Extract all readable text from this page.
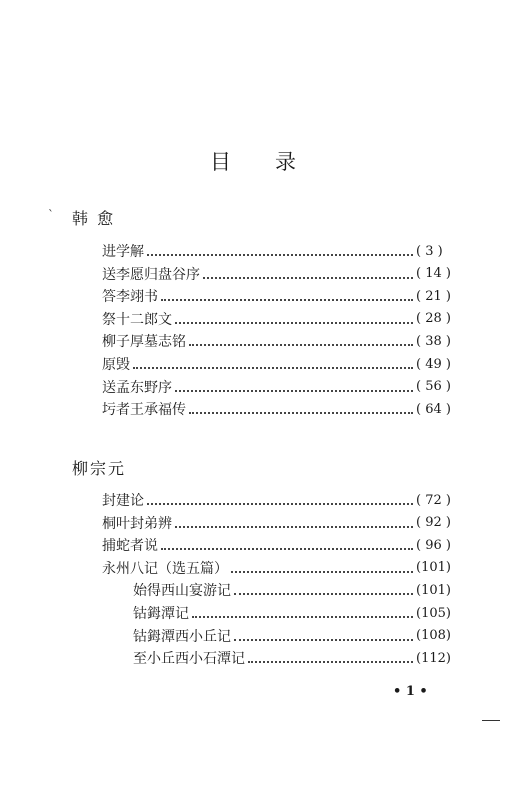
目 录
` 韩 愈
进学解	( 3 )
送李愿归盘谷序	( 14 )
答李翊书	( 21 )
祭十二郎文	( 28 )
柳子厚墓志铭	( 38 )
原毁	( 49 )
送孟东野序	( 56 )
圬者王承福传	( 64 )
柳宗元
封建论	( 72 )
桐叶封弟辨	( 92 )
捕蛇者说	( 96 )
永州八记（选五篇）	(101)
始得西山宴游记	(101)
钴鉧潭记	(105)
钴鉧潭西小丘记	(108)
至小丘西小石潭记	(112)
• 1 •
